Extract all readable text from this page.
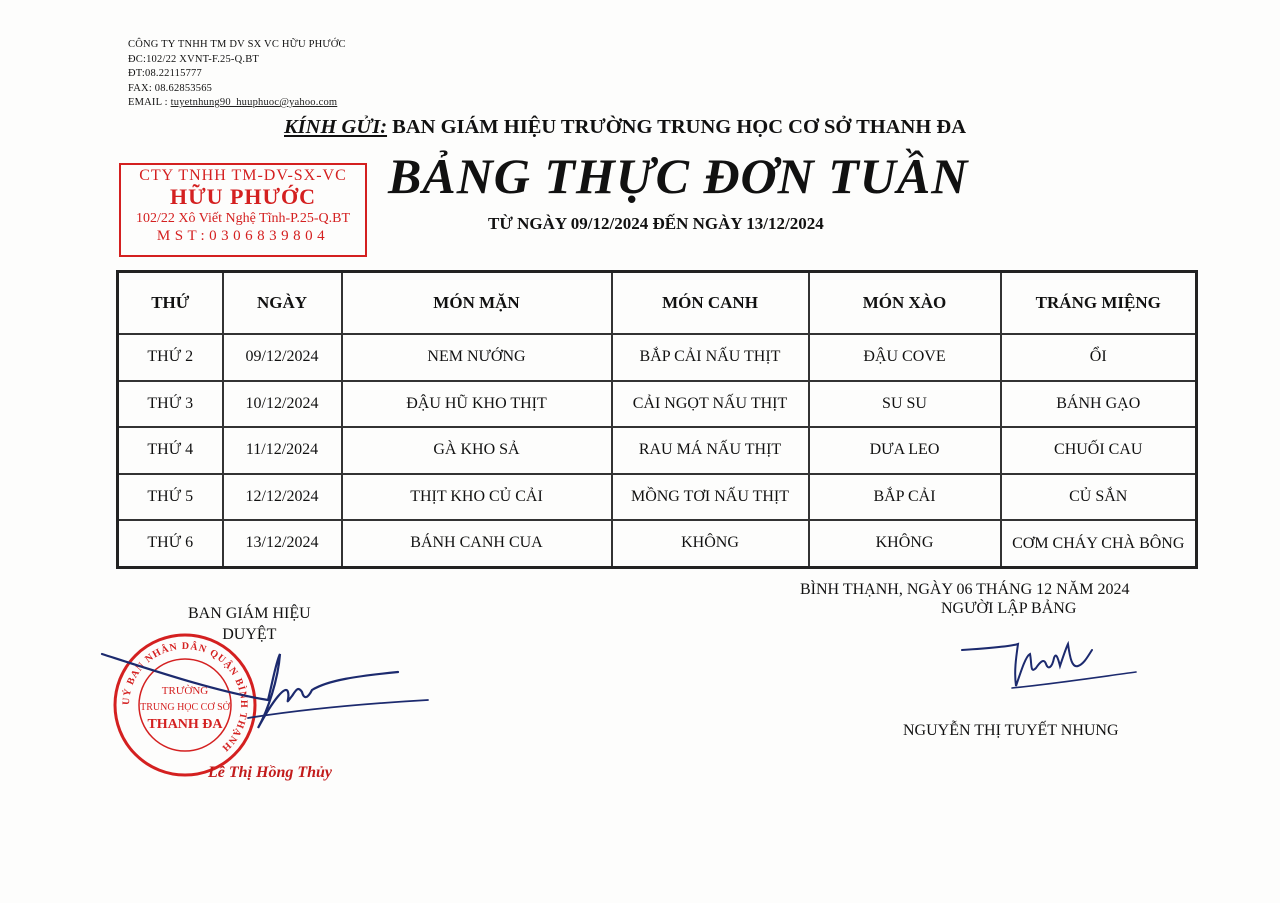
CÔNG TY TNHH TM DV SX VC HỮU PHƯỚC
ĐC:102/22 XVNT-F.25-Q.BT
ĐT:08.22115777
FAX: 08.62853565
EMAIL : tuyetnhung90_huuphuoc@yahoo.com
CTY TNHH TM-DV-SX-VC
HỮU PHƯỚC
102/22 Xô Viết Nghệ Tĩnh-P.25-Q.BT
MST:0306839804
KÍNH GỬI: BAN GIÁM HIỆU TRƯỜNG TRUNG HỌC CƠ SỞ THANH ĐA
BẢNG THỰC ĐƠN TUẦN
TỪ NGÀY 09/12/2024 ĐẾN NGÀY 13/12/2024
THỨ	NGÀY	MÓN MẶN	MÓN CANH	MÓN XÀO	TRÁNG MIỆNG
THỨ 2	09/12/2024	NEM NƯỚNG	BẮP CẢI NẤU THỊT	ĐẬU COVE	ỔI
THỨ 3	10/12/2024	ĐẬU HŨ KHO THỊT	CẢI NGỌT NẤU THỊT	SU SU	BÁNH GẠO
THỨ 4	11/12/2024	GÀ KHO SẢ	RAU MÁ NẤU THỊT	DƯA LEO	CHUỐI CAU
THỨ 5	12/12/2024	THỊT KHO CỦ CẢI	MỒNG TƠI NẤU THỊT	BẮP CẢI	CỦ SẮN
THỨ 6	13/12/2024	BÁNH CANH CUA	KHÔNG	KHÔNG	CƠM CHÁY CHÀ BÔNG
BAN GIÁM HIỆU
DUYỆT
UỶ BAN NHÂN DÂN QUẬN BÌNH THẠNH
TRƯỜNG
TRUNG HỌC CƠ SỞ
THANH ĐA
Lê Thị Hồng Thủy
BÌNH THẠNH, NGÀY 06 THÁNG 12 NĂM 2024
NGƯỜI LẬP BẢNG
NGUYỄN THỊ TUYẾT NHUNG
